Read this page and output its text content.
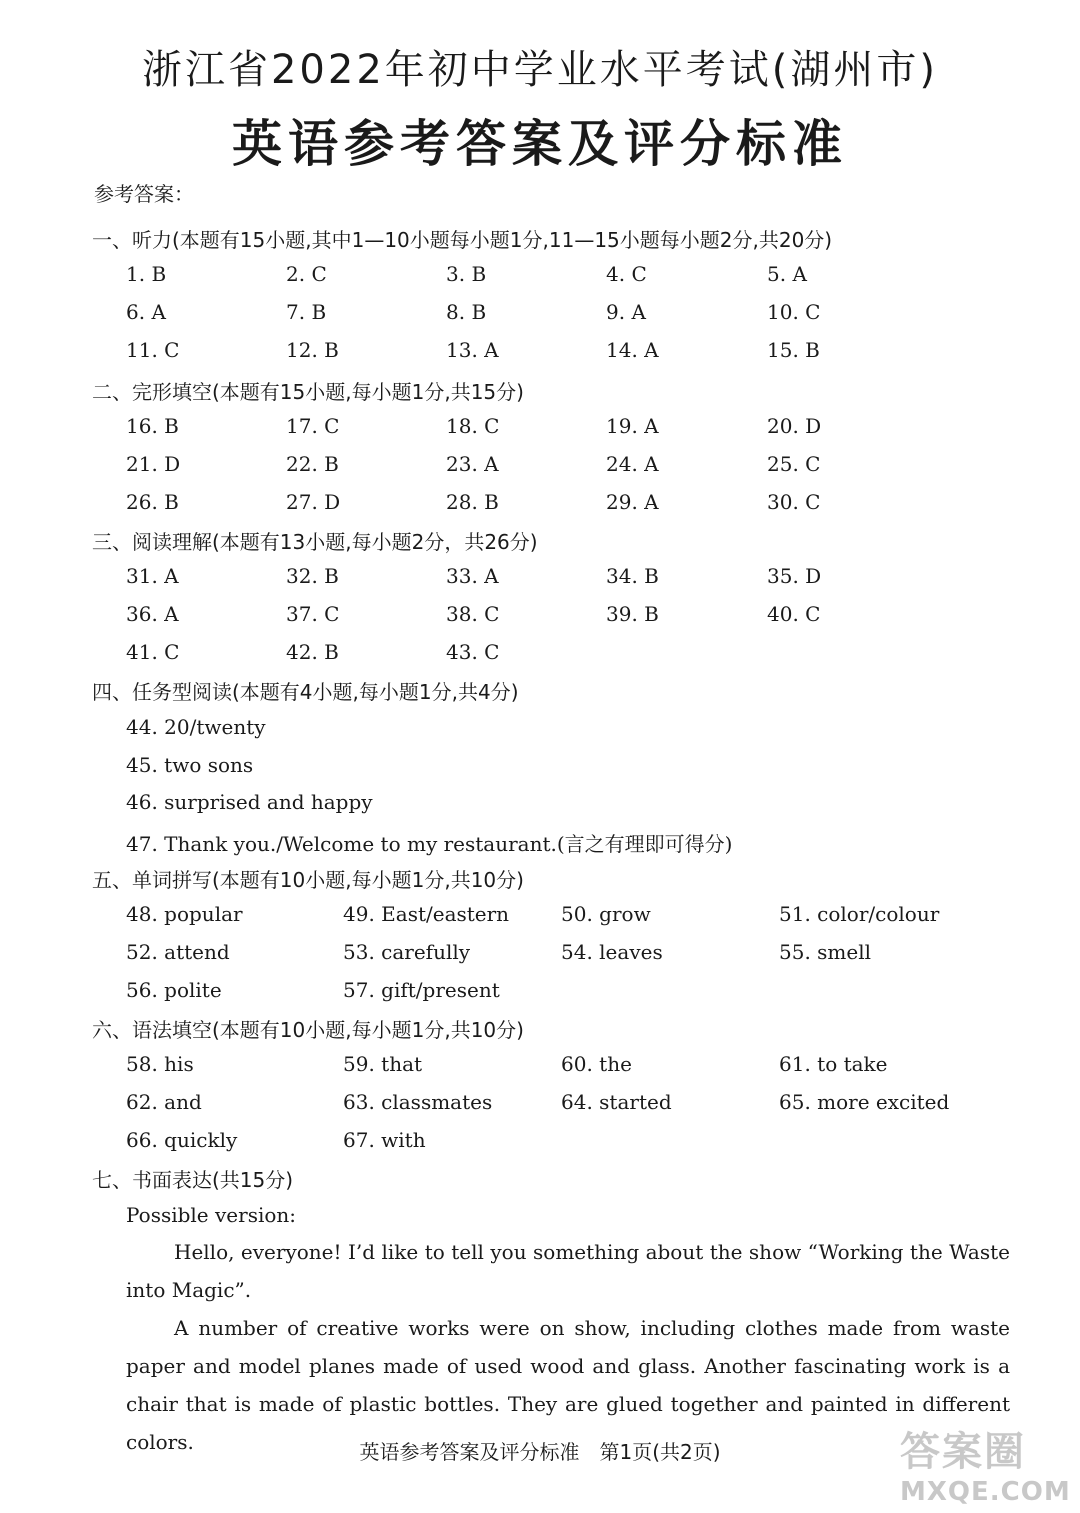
浙江省2022年初中学业水平考试(湖州市)
英语参考答案及评分标准
参考答案：
一、听力(本题有15小题,其中1—10小题每小题1分,11—15小题每小题2分,共20分)
1. B	2. C	3. B	4. C	5. A
6. A	7. B	8. B	9. A	10. C
11. C	12. B	13. A	14. A	15. B
二、完形填空(本题有15小题,每小题1分,共15分)
16. B	17. C	18. C	19. A	20. D
21. D	22. B	23. A	24. A	25. C
26. B	27. D	28. B	29. A	30. C
三、阅读理解(本题有13小题,每小题2分，共26分)
31. A	32. B	33. A	34. B	35. D
36. A	37. C	38. C	39. B	40. C
41. C	42. B	43. C
四、任务型阅读(本题有4小题,每小题1分,共4分)
44. 20/twenty
45. two sons
46. surprised and happy
47. Thank you./Welcome to my restaurant.(言之有理即可得分)
五、单词拼写(本题有10小题,每小题1分,共10分)
48. popular	49. East/eastern	50. grow	51. color/colour
52. attend	53. carefully	54. leaves	55. smell
56. polite	57. gift/present
六、语法填空(本题有10小题,每小题1分,共10分)
58. his	59. that	60. the	61. to take
62. and	63. classmates	64. started	65. more excited
66. quickly	67. with
七、书面表达(共15分)
Possible version:
Hello, everyone! I’d like to tell you something about the show “Working the Waste into Magic”.
A number of creative works were on show, including clothes made from waste paper and model planes made of used wood and glass. Another fascinating work is a chair that is made of plastic bottles. They are glued together and painted in different colors.	英语参考答案及评分标准　第1页(共2页)	答案圈
MXQE.COM
